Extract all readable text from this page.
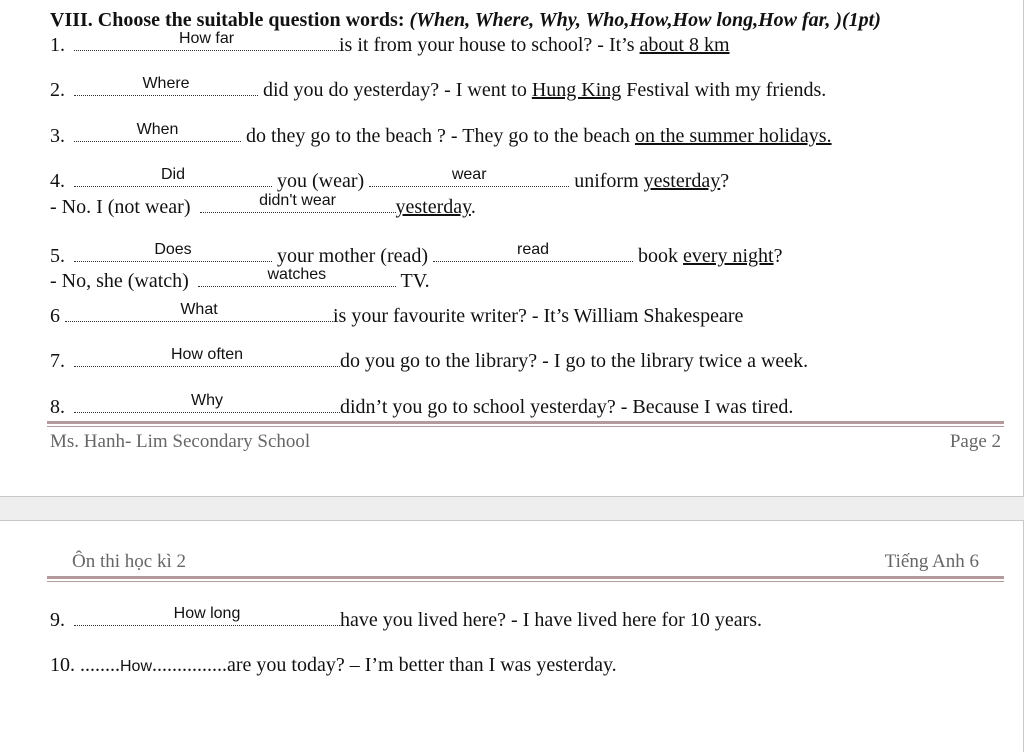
VIII. Choose the suitable question words: (When, Where, Why, Who,How,How long,How far, )(1pt)
1.	How far	is it from your house to school? - It’s about 8 km
2.	Where	did you do yesterday? - I went to Hung King Festival with my friends.
3.	When	do they go to the beach ? - They go to the beach on the summer holidays.
4.	Did	you (wear)	wear	uniform yesterday?
- No. I (not wear)	didn't wear	yesterday.
5.	Does	your mother (read)	read	book every night?
- No, she (watch)	watches	TV.
6	What	is your favourite writer? - It’s William Shakespeare
7.	How often	do you go to the library? - I go to the library twice a week.
8.	Why	didn’t you go to school yesterday? - Because I was tired.
Ms. Hanh- Lim Secondary School	Page 2
Ôn thi học kì 2	Tiếng Anh 6
9.	How long	have you lived here? - I have lived here for 10 years.
10. ........How...............are you today? – I’m better than I was yesterday.
